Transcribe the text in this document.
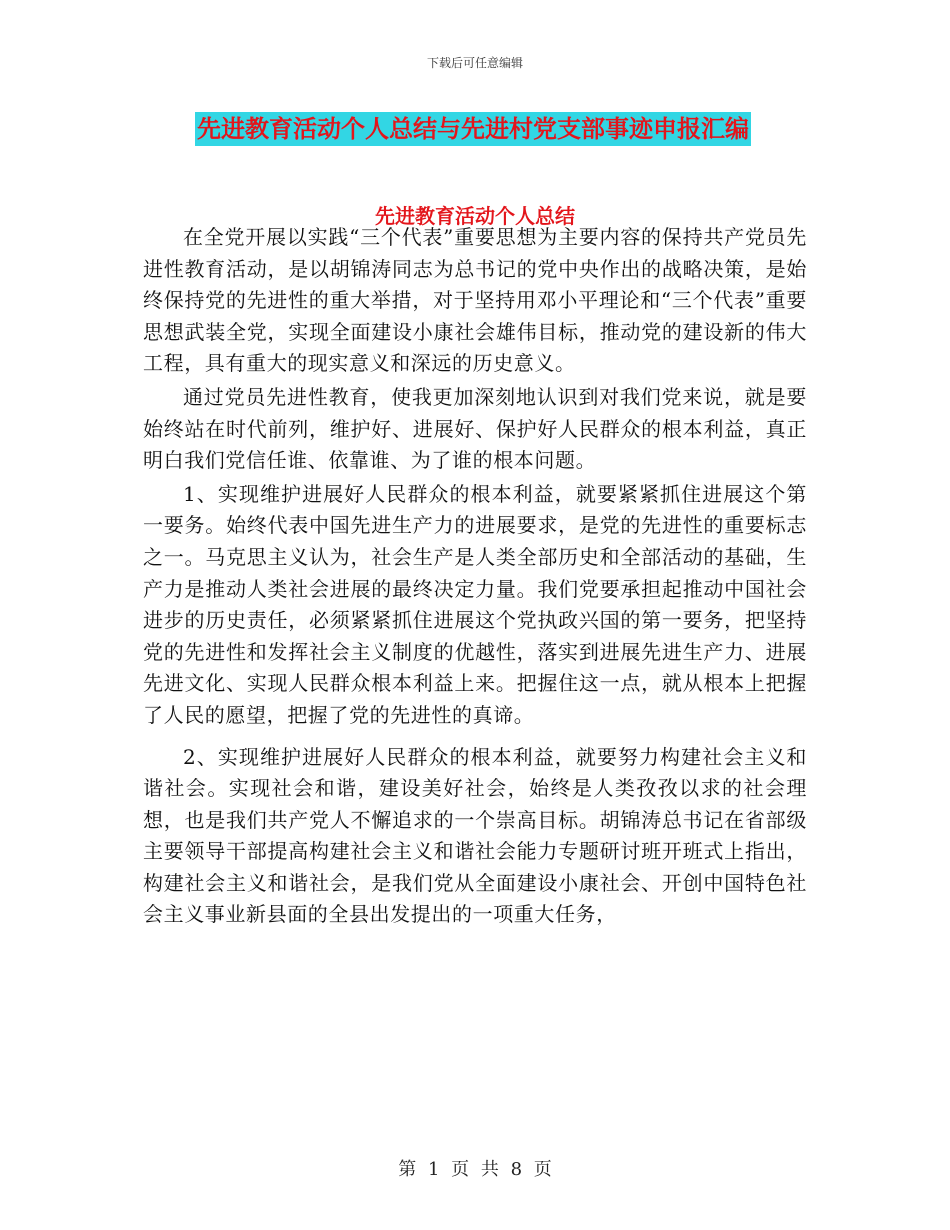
下载后可任意编辑
先进教育活动个人总结与先进村党支部事迹申报汇编
先进教育活动个人总结

在全党开展以实践“三个代表”重要思想为主要内容的保持共产党员先进性教育活动，是以胡锦涛同志为总书记的党中央作出的战略决策，是始终保持党的先进性的重大举措，对于坚持用邓小平理论和“三个代表”重要思想武装全党，实现全面建设小康社会雄伟目标，推动党的建设新的伟大工程，具有重大的现实意义和深远的历史意义。

通过党员先进性教育，使我更加深刻地认识到对我们党来说，就是要始终站在时代前列，维护好、进展好、保护好人民群众的根本利益，真正明白我们党信任谁、依靠谁、为了谁的根本问题。

1、实现维护进展好人民群众的根本利益，就要紧紧抓住进展这个第一要务。始终代表中国先进生产力的进展要求，是党的先进性的重要标志之一。马克思主义认为，社会生产是人类全部历史和全部活动的基础，生产力是推动人类社会进展的最终决定力量。我们党要承担起推动中国社会进步的历史责任，必须紧紧抓住进展这个党执政兴国的第一要务，把坚持党的先进性和发挥社会主义制度的优越性，落实到进展先进生产力、进展先进文化、实现人民群众根本利益上来。把握住这一点，就从根本上把握了人民的愿望，把握了党的先进性的真谛。

2、实现维护进展好人民群众的根本利益，就要努力构建社会主义和谐社会。实现社会和谐，建设美好社会，始终是人类孜孜以求的社会理想，也是我们共产党人不懈追求的一个崇高目标。胡锦涛总书记在省部级主要领导干部提高构建社会主义和谐社会能力专题研讨班开班式上指出，构建社会主义和谐社会，是我们党从全面建设小康社会、开创中国特色社会主义事业新县面的全县出发提出的一项重大任务，

第 1 页 共 8 页
